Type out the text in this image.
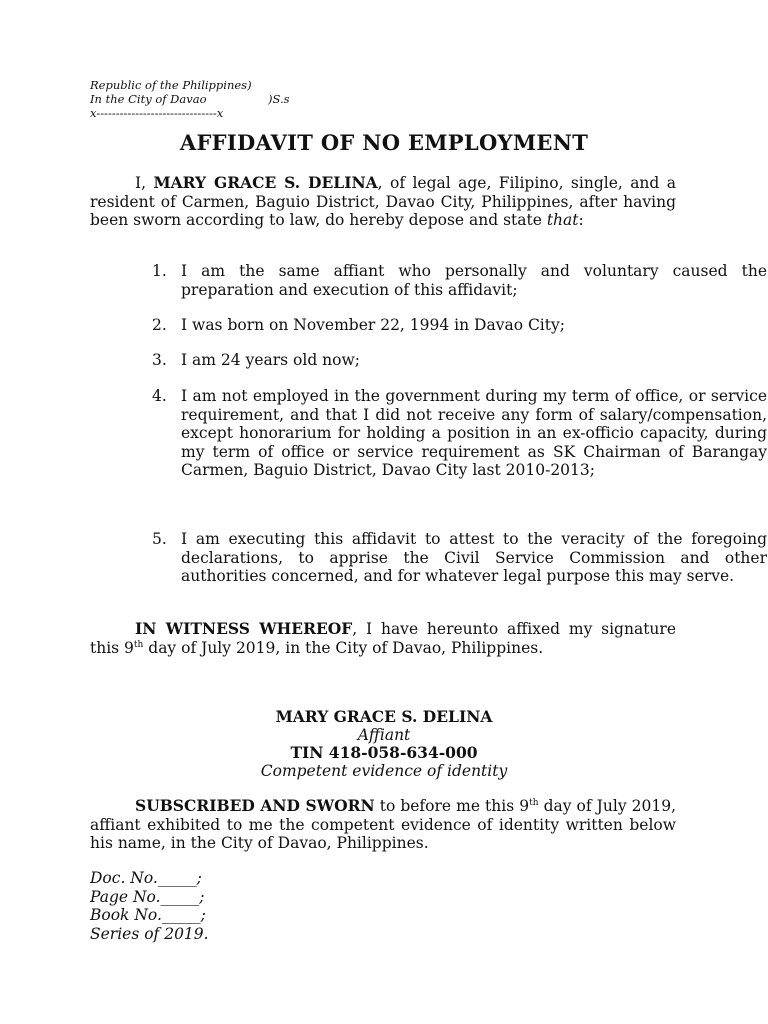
Republic of the Philippines)
In the City of Davao	)S.s
x-------------------------------x
AFFIDAVIT OF NO EMPLOYMENT
I, MARY GRACE S. DELINA, of legal age, Filipino, single, and a resident of Carmen, Baguio District, Davao City, Philippines, after having been sworn according to law, do hereby depose and state that:
1. I am the same affiant who personally and voluntary caused the preparation and execution of this affidavit;
2. I was born on November 22, 1994 in Davao City;
3. I am 24 years old now;
4. I am not employed in the government during my term of office, or service requirement, and that I did not receive any form of salary/compensation, except honorarium for holding a position in an ex-officio capacity, during my term of office or service requirement as SK Chairman of Barangay Carmen, Baguio District, Davao City last 2010-2013;
5. I am executing this affidavit to attest to the veracity of the foregoing declarations, to apprise the Civil Service Commission and other authorities concerned, and for whatever legal purpose this may serve.
IN WITNESS WHEREOF, I have hereunto affixed my signature this 9th day of July 2019, in the City of Davao, Philippines.
MARY GRACE S. DELINA
Affiant
TIN 418-058-634-000
Competent evidence of identity
SUBSCRIBED AND SWORN to before me this 9th day of July 2019, affiant exhibited to me the competent evidence of identity written below his name, in the City of Davao, Philippines.
Doc. No._____;
Page No._____;
Book No._____;
Series of 2019.
